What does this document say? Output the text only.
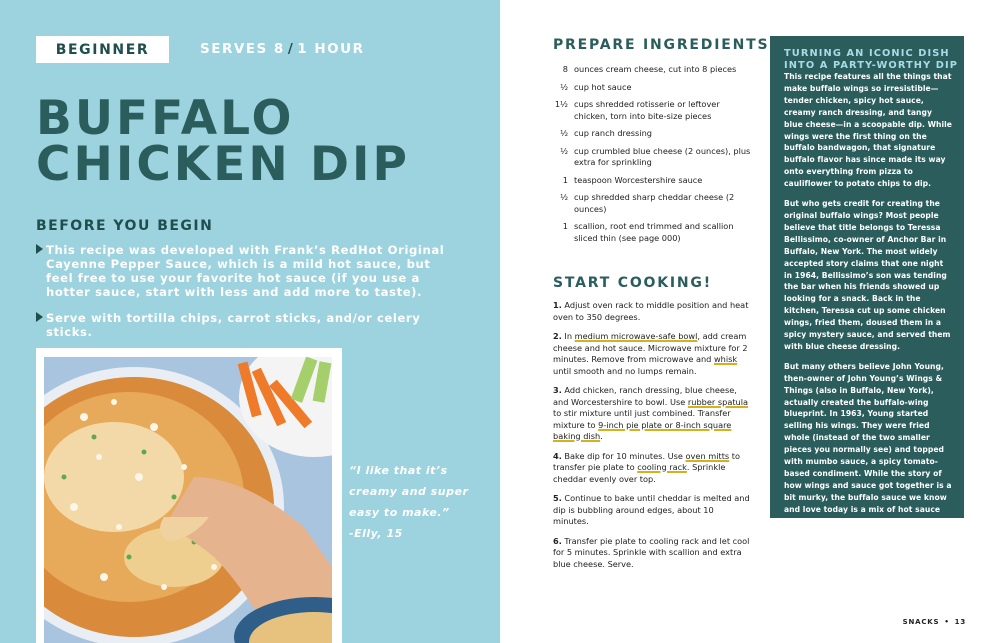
BEGINNER	SERVES 8 / 1 HOUR
BUFFALO
CHICKEN DIP
BEFORE YOU BEGIN
This recipe was developed with Frank’s RedHot Original Cayenne Pepper Sauce, which is a mild hot sauce, but feel free to use your favorite hot sauce (if you use a hotter sauce, start with less and add more to taste).
Serve with tortilla chips, carrot sticks, and/or celery sticks.
“I like that it’s
creamy and super
easy to make.”
-Elly, 15
PREPARE INGREDIENTS
8 ounces cream cheese, cut into 8 pieces
½ cup hot sauce
1½ cups shredded rotisserie or leftover chicken, torn into bite-size pieces
½ cup ranch dressing
½ cup crumbled blue cheese (2 ounces), plus extra for sprinkling
1 teaspoon Worcestershire sauce
½ cup shredded sharp cheddar cheese (2 ounces)
1 scallion, root end trimmed and scallion sliced thin (see page 000)
START COOKING!
1. Adjust oven rack to middle position and heat oven to 350 degrees.
2. In medium microwave-safe bowl, add cream cheese and hot sauce. Microwave mixture for 2 minutes. Remove from microwave and whisk until smooth and no lumps remain.
3. Add chicken, ranch dressing, blue cheese, and Worcestershire to bowl. Use rubber spatula to stir mixture until just combined. Transfer mixture to 9-inch pie plate or 8-inch square baking dish.
4. Bake dip for 10 minutes. Use oven mitts to transfer pie plate to cooling rack. Sprinkle cheddar evenly over top.
5. Continue to bake until cheddar is melted and dip is bubbling around edges, about 10 minutes.
6. Transfer pie plate to cooling rack and let cool for 5 minutes. Sprinkle with scallion and extra blue cheese. Serve.
TURNING AN ICONIC DISH
INTO A PARTY-WORTHY DIP

This recipe features all the things that make buffalo wings so irresistible—tender chicken, spicy hot sauce, creamy ranch dressing, and tangy blue cheese—in a scoopable dip. While wings were the first thing on the buffalo bandwagon, that signature buffalo flavor has since made its way onto everything from pizza to cauliflower to potato chips to dip.

But who gets credit for creating the original buffalo wings? Most people believe that title belongs to Teressa Bellissimo, co-owner of Anchor Bar in Buffalo, New York. The most widely accepted story claims that one night in 1964, Bellissimo’s son was tending the bar when his friends showed up looking for a snack. Back in the kitchen, Teressa cut up some chicken wings, fried them, doused them in a spicy mystery sauce, and served them with blue cheese dressing.

But many others believe John Young, then-owner of John Young’s Wings & Things (also in Buffalo, New York), actually created the buffalo-wing blueprint. In 1963, Young started selling his wings. They were fried whole (instead of the two smaller pieces you normally see) and topped with mumbo sauce, a spicy tomato-based condiment. While the story of how wings and sauce got together is a bit murky, the buffalo sauce we know and love today is a mix of hot sauce (typically Frank’s RedHot), melted butter, and occasionally some spices.

SNACKS • 13
